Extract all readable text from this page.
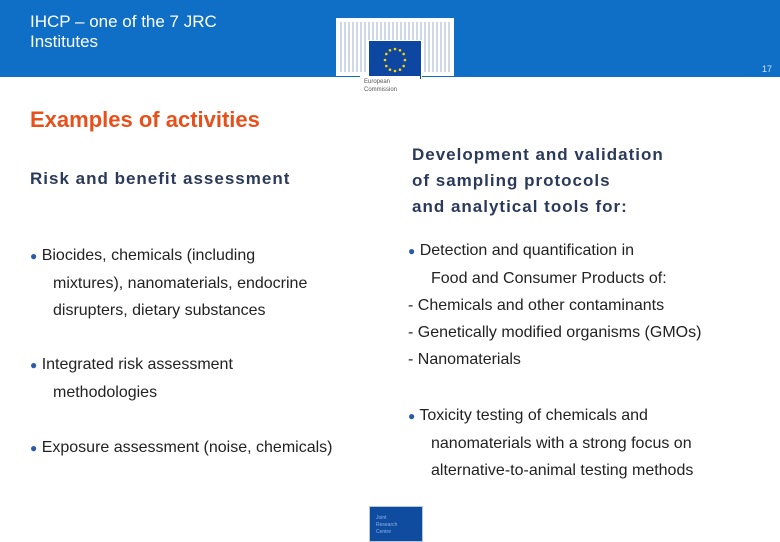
IHCP – one of the 7 JRC
Institutes
17
European
Commission
Examples of activities
Risk and benefit assessment
Development and validation
of sampling protocols
and analytical tools for:
● Biocides, chemicals (including
mixtures), nanomaterials, endocrine
disrupters, dietary substances
● Integrated risk assessment
methodologies
● Exposure assessment (noise, chemicals)
● Detection and quantification in
Food and Consumer Products of:
- Chemicals and other contaminants
- Genetically modified organisms (GMOs)
- Nanomaterials
● Toxicity testing of chemicals and
nanomaterials with a strong focus on
alternative-to-animal testing methods
Joint
Research
Centre
